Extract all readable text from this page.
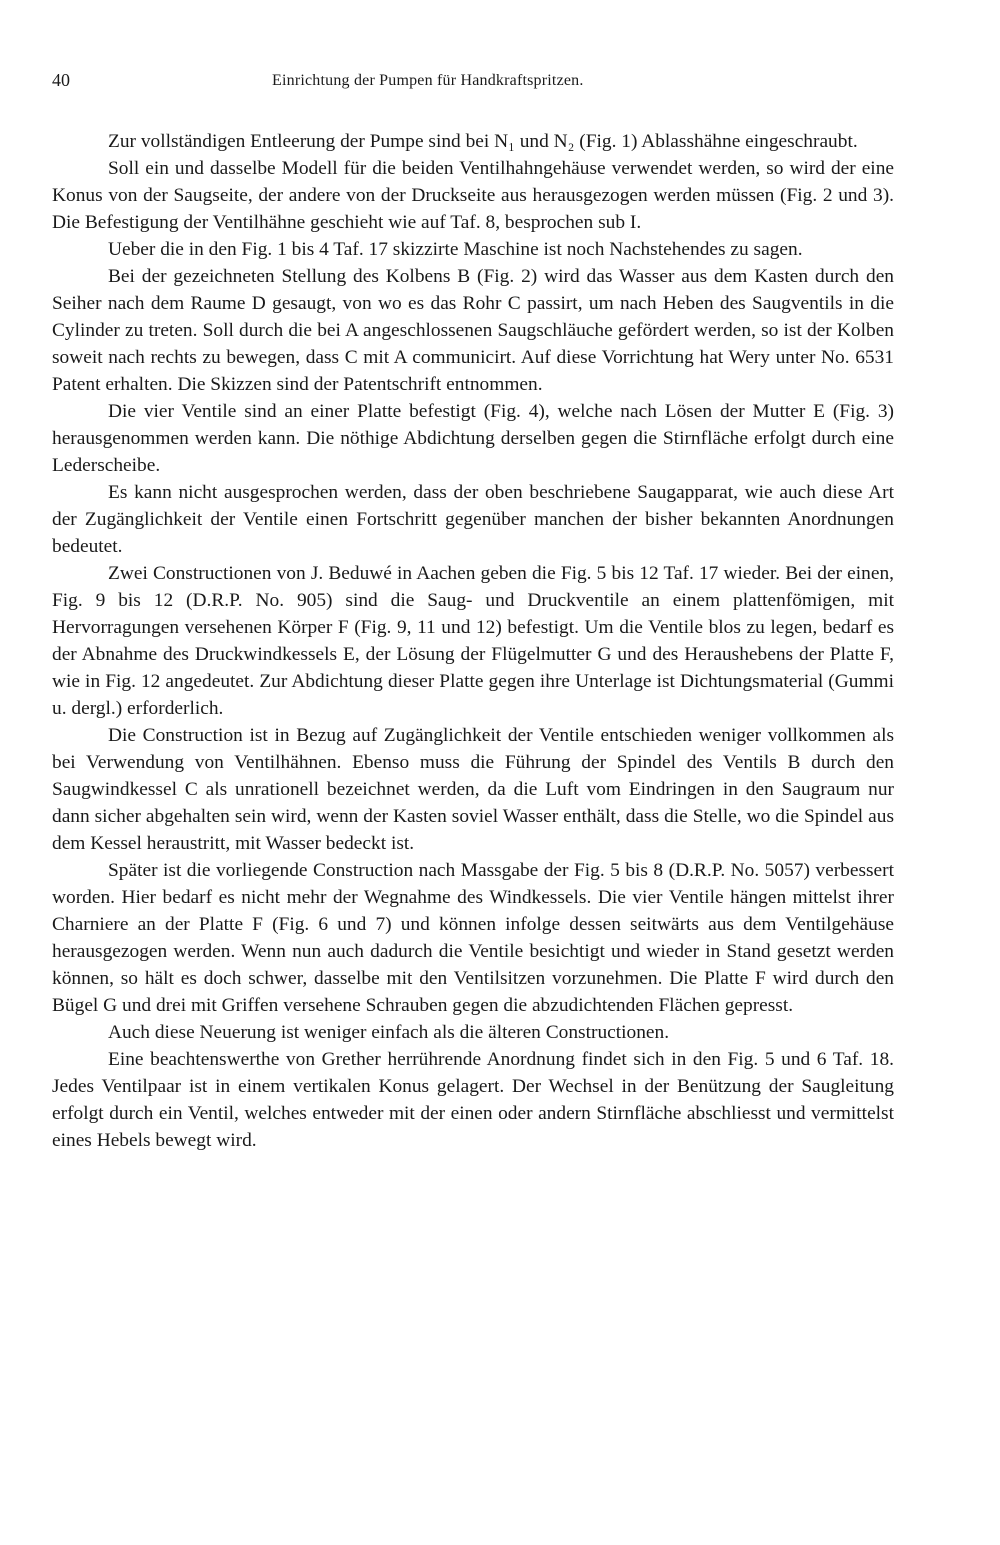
40	Einrichtung der Pumpen für Handkraftspritzen.

Zur vollständigen Entleerung der Pumpe sind bei N₁ und N₂ (Fig. 1) Ablasshähne eingeschraubt.

Soll ein und dasselbe Modell für die beiden Ventilhahngehäuse verwendet werden, so wird der eine Konus von der Saugseite, der andere von der Druckseite aus herausgezogen werden müssen (Fig. 2 und 3). Die Befestigung der Ventilhähne geschieht wie auf Taf. 8, besprochen sub I.

Ueber die in den Fig. 1 bis 4 Taf. 17 skizzirte Maschine ist noch Nachstehendes zu sagen.

Bei der gezeichneten Stellung des Kolbens B (Fig. 2) wird das Wasser aus dem Kasten durch den Seiher nach dem Raume D gesaugt, von wo es das Rohr C passirt, um nach Heben des Saugventils in die Cylinder zu treten. Soll durch die bei A angeschlossenen Saugschläuche gefördert werden, so ist der Kolben soweit nach rechts zu bewegen, dass C mit A communicirt. Auf diese Vorrichtung hat Wery unter No. 6531 Patent erhalten. Die Skizzen sind der Patentschrift entnommen.

Die vier Ventile sind an einer Platte befestigt (Fig. 4), welche nach Lösen der Mutter E (Fig. 3) herausgenommen werden kann. Die nöthige Abdichtung derselben gegen die Stirnfläche erfolgt durch eine Lederscheibe.

Es kann nicht ausgesprochen werden, dass der oben beschriebene Saugapparat, wie auch diese Art der Zugänglichkeit der Ventile einen Fortschritt gegenüber manchen der bisher bekannten Anordnungen bedeutet.

Zwei Constructionen von J. Beduwé in Aachen geben die Fig. 5 bis 12 Taf. 17 wieder. Bei der einen, Fig. 9 bis 12 (D.R.P. No. 905) sind die Saug- und Druckventile an einem plattenfömigen, mit Hervorragungen versehenen Körper F (Fig. 9, 11 und 12) befestigt. Um die Ventile blos zu legen, bedarf es der Abnahme des Druckwindkessels E, der Lösung der Flügelmutter G und des Heraushebens der Platte F, wie in Fig. 12 angedeutet. Zur Abdichtung dieser Platte gegen ihre Unterlage ist Dichtungsmaterial (Gummi u. dergl.) erforderlich.

Die Construction ist in Bezug auf Zugänglichkeit der Ventile entschieden weniger vollkommen als bei Verwendung von Ventilhähnen. Ebenso muss die Führung der Spindel des Ventils B durch den Saugwindkessel C als unrationell bezeichnet werden, da die Luft vom Eindringen in den Saugraum nur dann sicher abgehalten sein wird, wenn der Kasten soviel Wasser enthält, dass die Stelle, wo die Spindel aus dem Kessel heraustritt, mit Wasser bedeckt ist.

Später ist die vorliegende Construction nach Massgabe der Fig. 5 bis 8 (D.R.P. No. 5057) verbessert worden. Hier bedarf es nicht mehr der Wegnahme des Windkessels. Die vier Ventile hängen mittelst ihrer Charniere an der Platte F (Fig. 6 und 7) und können infolge dessen seitwärts aus dem Ventilgehäuse herausgezogen werden. Wenn nun auch dadurch die Ventile besichtigt und wieder in Stand gesetzt werden können, so hält es doch schwer, dasselbe mit den Ventilsitzen vorzunehmen. Die Platte F wird durch den Bügel G und drei mit Griffen versehene Schrauben gegen die abzudichtenden Flächen gepresst.

Auch diese Neuerung ist weniger einfach als die älteren Constructionen.

Eine beachtenswerthe von Grether herrührende Anordnung findet sich in den Fig. 5 und 6 Taf. 18. Jedes Ventilpaar ist in einem vertikalen Konus gelagert. Der Wechsel in der Benützung der Saugleitung erfolgt durch ein Ventil, welches entweder mit der einen oder andern Stirnfläche abschliesst und vermittelst eines Hebels bewegt wird.
